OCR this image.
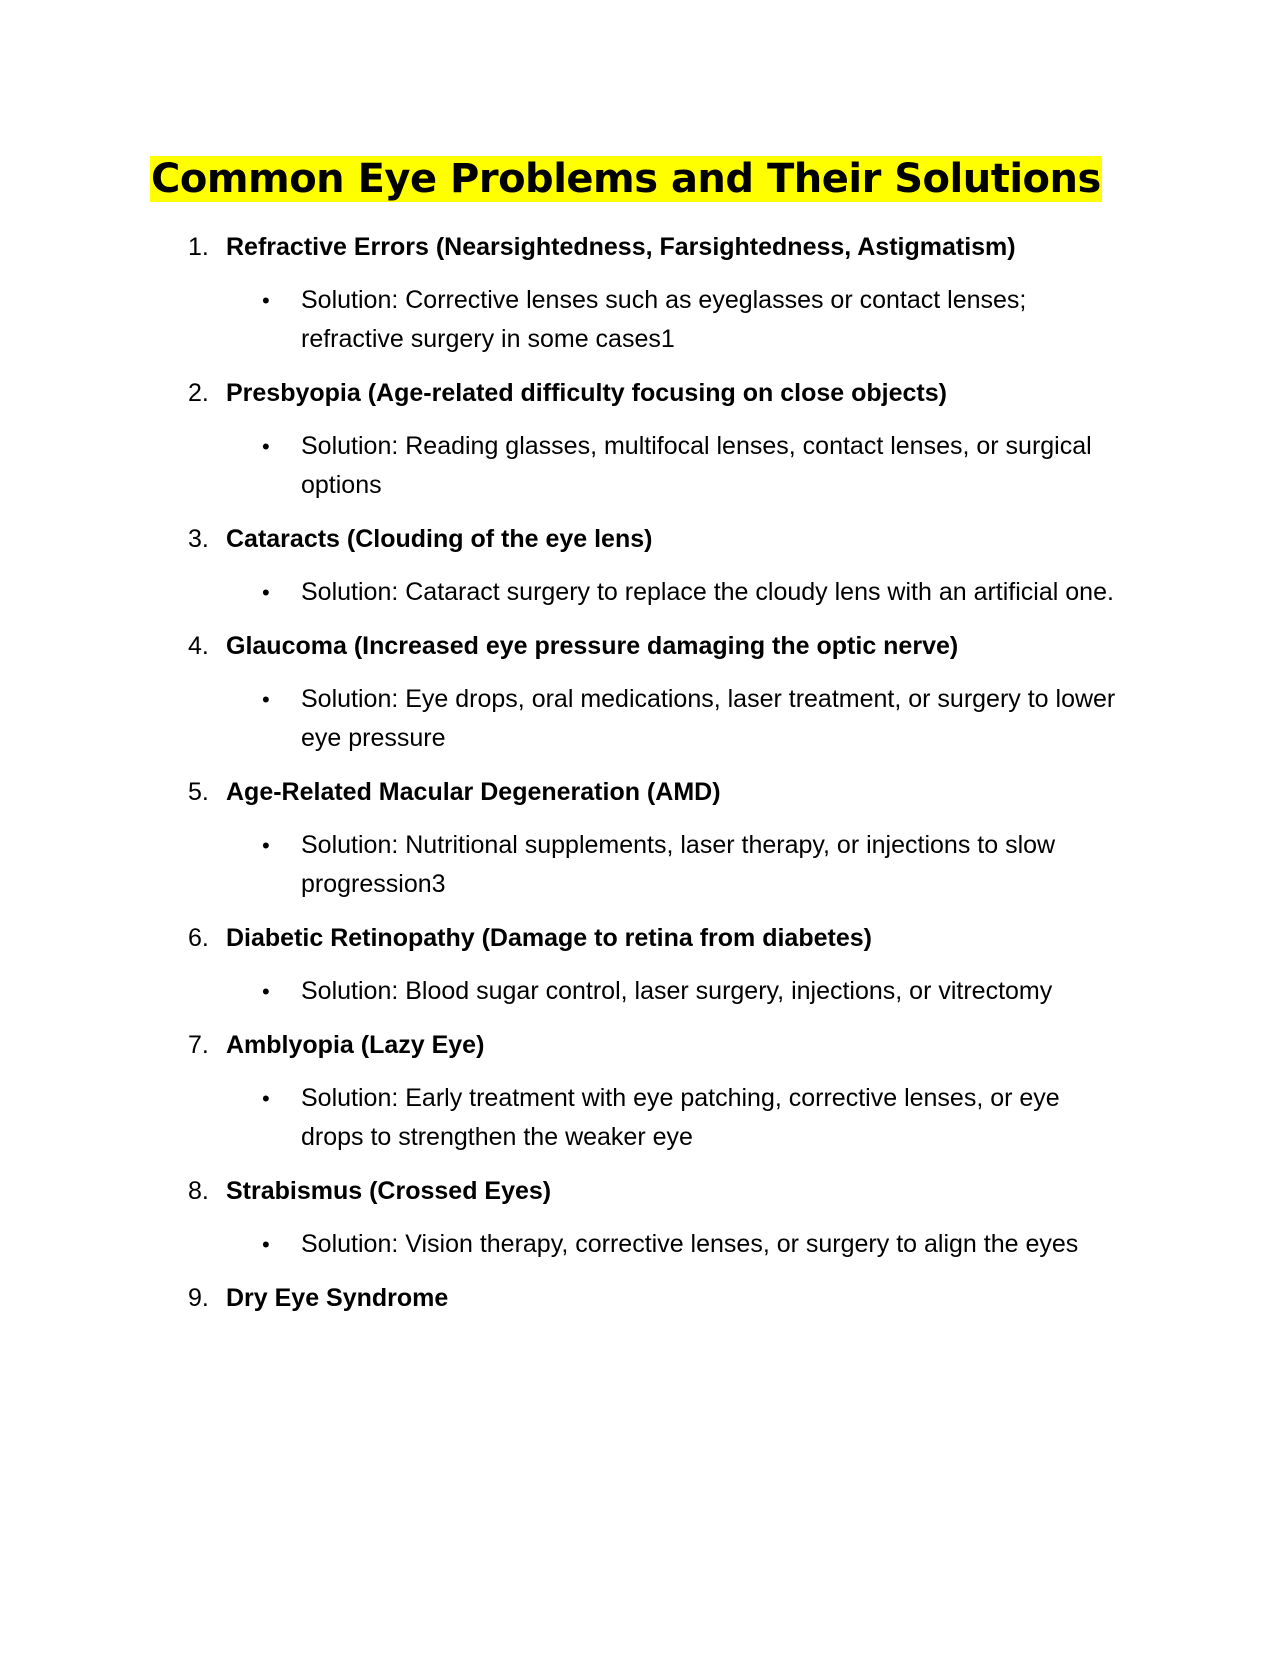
Common Eye Problems and Their Solutions
1. Refractive Errors (Nearsightedness, Farsightedness, Astigmatism)
• Solution: Corrective lenses such as eyeglasses or contact lenses; refractive surgery in some cases1
2. Presbyopia (Age-related difficulty focusing on close objects)
• Solution: Reading glasses, multifocal lenses, contact lenses, or surgical options
3. Cataracts (Clouding of the eye lens)
• Solution: Cataract surgery to replace the cloudy lens with an artificial one.
4. Glaucoma (Increased eye pressure damaging the optic nerve)
• Solution: Eye drops, oral medications, laser treatment, or surgery to lower eye pressure
5. Age-Related Macular Degeneration (AMD)
• Solution: Nutritional supplements, laser therapy, or injections to slow progression3
6. Diabetic Retinopathy (Damage to retina from diabetes)
• Solution: Blood sugar control, laser surgery, injections, or vitrectomy
7. Amblyopia (Lazy Eye)
• Solution: Early treatment with eye patching, corrective lenses, or eye drops to strengthen the weaker eye
8. Strabismus (Crossed Eyes)
• Solution: Vision therapy, corrective lenses, or surgery to align the eyes
9. Dry Eye Syndrome
